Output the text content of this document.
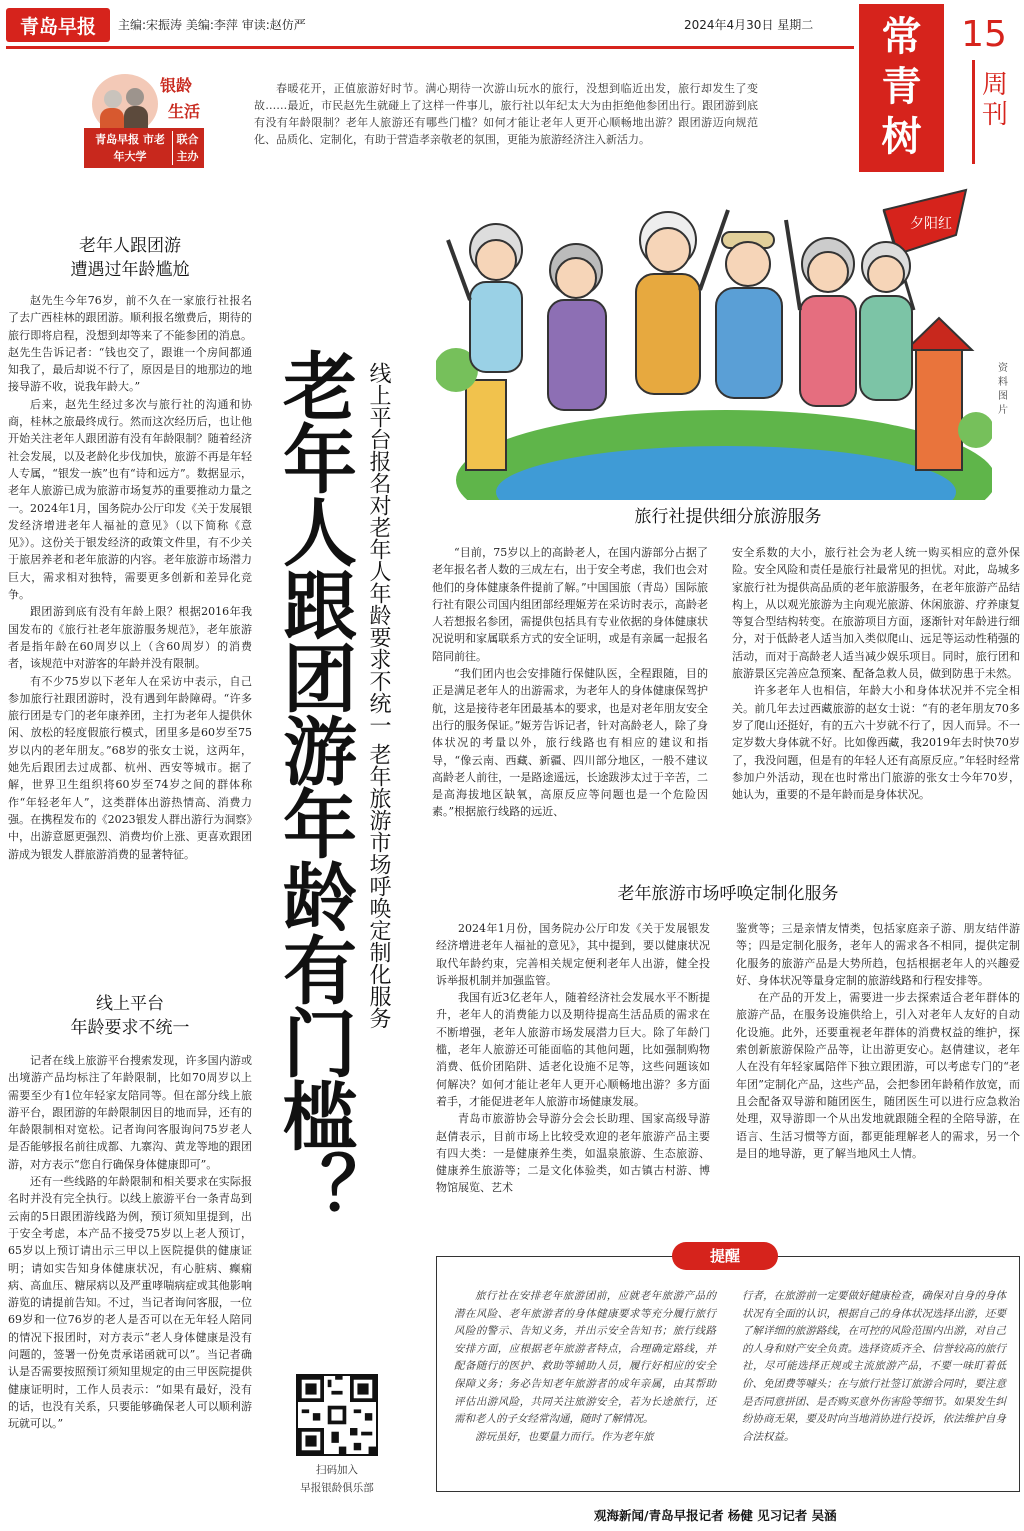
青岛早报	主编:宋振涛 美编:李萍 审读:赵仿严	2024年4月30日 星期二 常青树
15
周刊
银龄
生活
青岛早报 市老年大学
联合主办
春暖花开，正值旅游好时节。满心期待一次游山玩水的旅行，没想到临近出发，旅行却发生了变故……最近，市民赵先生就碰上了这样一件事儿，旅行社以年纪太大为由拒绝他参团出行。跟团游到底有没有年龄限制？老年人旅游还有哪些门槛？如何才能让老年人更开心顺畅地出游？跟团游迈向规范化、品质化、定制化，有助于营造孝亲敬老的氛围，更能为旅游经济注入新活力。
夕阳红
资料图片
线上平台报名对老年人年龄要求不统一 老年旅游市场呼唤定制化服务
老年人跟团游年龄有门槛？
老年人跟团游
遭遇过年龄尴尬

赵先生今年76岁，前不久在一家旅行社报名了去广西桂林的跟团游。顺利报名缴费后，期待的旅行即将启程，没想到却等来了不能参团的消息。赵先生告诉记者：“钱也交了，跟谁一个房间都通知我了，最后却说不行了，原因是目的地那边的地接导游不收，说我年龄大。”

后来，赵先生经过多次与旅行社的沟通和协商，桂林之旅最终成行。然而这次经历后，也让他开始关注老年人跟团游有没有年龄限制？随着经济社会发展，以及老龄化步伐加快，旅游不再是年轻人专属，“银发一族”也有“诗和远方”。数据显示，老年人旅游已成为旅游市场复苏的重要推动力量之一。2024年1月，国务院办公厅印发《关于发展银发经济增进老年人福祉的意见》（以下简称《意见》）。这份关于银发经济的政策文件里，有不少关于旅居养老和老年旅游的内容。老年旅游市场潜力巨大，需求相对独特，需要更多创新和差异化竞争。

跟团游到底有没有年龄上限？根据2016年我国发布的《旅行社老年旅游服务规范》，老年旅游者是指年龄在60周岁以上（含60周岁）的消费者，该规范中对游客的年龄并没有限制。

有不少75岁以下老年人在采访中表示，自己参加旅行社跟团游时，没有遇到年龄障碍。“许多旅行团是专门的老年康养团，主打为老年人提供休闲、放松的轻度假旅行模式，团里多是60岁至75岁以内的老年朋友。”68岁的张女士说，这两年，她先后跟团去过成都、杭州、西安等城市。据了解，世界卫生组织将60岁至74岁之间的群体称作“年轻老年人”，这类群体出游热情高、消费力强。在携程发布的《2023银发人群出游行为洞察》中，出游意愿更强烈、消费均价上涨、更喜欢跟团游成为银发人群旅游消费的显著特征。

线上平台
年龄要求不统一

记者在线上旅游平台搜索发现，许多国内游或出境游产品均标注了年龄限制，比如70周岁以上需要至少有1位年轻家友陪同等。但在部分线上旅游平台，跟团游的年龄限制因目的地而异，还有的年龄限制相对宽松。记者询问客服询问75岁老人是否能够报名前往成都、九寨沟、黄龙等地的跟团游，对方表示“您自行确保身体健康即可”。

还有一些线路的年龄限制和相关要求在实际报名时并没有完全执行。以线上旅游平台一条青岛到云南的5日跟团游线路为例，预订须知里提到，出于安全考虑，本产品不接受75岁以上老人预订，65岁以上预订请出示三甲以上医院提供的健康证明；请如实告知身体健康状况，有心脏病、癫痫病、高血压、糖尿病以及严重哮喘病症或其他影响游览的请提前告知。不过，当记者询问客服，一位69岁和一位76岁的老人是否可以在无年轻人陪同的情况下报团时，对方表示“老人身体健康是没有问题的，签署一份免责承诺函就可以”。当记者确认是否需要按照预订须知里规定的由三甲医院提供健康证明时，工作人员表示：“如果有最好，没有的话，也没有关系，只要能够确保老人可以顺利游玩就可以。”

旅行社提供细分旅游服务

“目前，75岁以上的高龄老人，在国内游部分占据了老年报名者人数的三成左右，出于安全考虑，我们也会对他们的身体健康条件提前了解。”中国国旅（青岛）国际旅行社有限公司国内组团部经理姬芳在采访时表示，高龄老人若想报名参团，需提供包括具有专业依据的身体健康状况说明和家属联系方式的安全证明，或是有亲属一起报名陪同前往。

“我们团内也会安排随行保健队医，全程跟随，目的正是满足老年人的出游需求，为老年人的身体健康保驾护航，这是接待老年团最基本的要求，也是对老年朋友安全出行的服务保证。”姬芳告诉记者，针对高龄老人，除了身体状况的考量以外，旅行线路也有相应的建议和指导，“像云南、西藏、新疆、四川部分地区，一般不建议高龄老人前往，一是路途遥远，长途跋涉太过于辛苦，二是高海拔地区缺氧，高原反应等问题也是一个危险因素。”根据旅行线路的远近、

安全系数的大小，旅行社会为老人统一购买相应的意外保险。安全风险和责任是旅行社最常见的担忧。对此，岛城多家旅行社为提供高品质的老年旅游服务，在老年旅游产品结构上，从以观光旅游为主向观光旅游、休闲旅游、疗养康复等复合型结构转变。在旅游项目方面，逐渐针对年龄进行细分，对于低龄老人适当加入类似爬山、远足等运动性稍强的活动，而对于高龄老人适当减少娱乐项目。同时，旅行团和旅游景区完善应急预案、配备急救人员，做到防患于未然。

许多老年人也相信，年龄大小和身体状况并不完全相关。前几年去过西藏旅游的赵女士说：“有的老年朋友70多岁了爬山还挺好，有的五六十岁就不行了，因人而异。不一定岁数大身体就不好。比如像西藏，我2019年去时快70岁了，我没问题，但是有的年轻人还有高原反应。”年轻时经常参加户外活动，现在也时常出门旅游的张女士今年70岁，她认为，重要的不是年龄而是身体状况。

老年旅游市场呼唤定制化服务

2024年1月份，国务院办公厅印发《关于发展银发经济增进老年人福祉的意见》，其中提到，要以健康状况取代年龄约束，完善相关规定便利老年人出游，健全投诉举报机制并加强监管。

我国有近3亿老年人，随着经济社会发展水平不断提升，老年人的消费能力以及期待提高生活品质的需求在不断增强，老年人旅游市场发展潜力巨大。除了年龄门槛，老年人旅游还可能面临的其他问题，比如强制购物消费、低价团陷阱、适老化设施不足等，这些问题该如何解决？如何才能让老年人更开心顺畅地出游？多方面着手，才能促进老年人旅游市场健康发展。

青岛市旅游协会导游分会会长助理、国家高级导游赵倩表示，目前市场上比较受欢迎的老年旅游产品主要有四大类：一是健康养生类，如温泉旅游、生态旅游、健康养生旅游等；二是文化体验类，如古镇古村游、博物馆展览、艺术

鉴赏等；三是亲情友情类，包括家庭亲子游、朋友结伴游等；四是定制化服务，老年人的需求各不相同，提供定制化服务的旅游产品是大势所趋，包括根据老年人的兴趣爱好、身体状况等量身定制的旅游线路和行程安排等。

在产品的开发上，需要进一步去探索适合老年群体的旅游产品，在服务设施供给上，引入对老年人友好的自动化设施。此外，还要重视老年群体的消费权益的维护，探索创新旅游保险产品等，让出游更安心。赵倩建议，老年人在没有年轻家属陪伴下独立跟团游，可以考虑专门的“老年团”定制化产品，这些产品，会把参团年龄稍作放宽，而且会配备双导游和随团医生，随团医生可以进行应急救治处理，双导游即一个从出发地就跟随全程的全陪导游，在语言、生活习惯等方面，都更能理解老人的需求，另一个是目的地导游，更了解当地风土人情。

提醒

旅行社在安排老年旅游团前，应就老年旅游产品的潜在风险、老年旅游者的身体健康要求等充分履行旅行风险的警示、告知义务，并出示安全告知书；旅行线路安排方面，应根据老年旅游者特点，合理确定路线，并配备随行的医护、救助等辅助人员，履行好相应的安全保障义务；务必告知老年旅游者的成年亲属，由其帮助评估出游风险，共同关注旅游安全，若为长途旅行，还需和老人的子女经常沟通，随时了解情况。

游玩虽好，也要量力而行。作为老年旅

行者，在旅游前一定要做好健康检查，确保对自身的身体状况有全面的认识，根据自己的身体状况选择出游，还要了解详细的旅游路线，在可控的风险范围内出游，对自己的人身和财产安全负责。选择资质齐全、信誉较高的旅行社，尽可能选择正规或主流旅游产品，不要一味盯着低价、免团费等噱头；在与旅行社签订旅游合同时，要注意是否同意拼团、是否购买意外伤害险等细节。如果发生纠纷协商无果，要及时向当地消协进行投诉，依法维护自身合法权益。

扫码加入
早报银龄俱乐部
观海新闻/青岛早报记者 杨健 见习记者 吴涵
